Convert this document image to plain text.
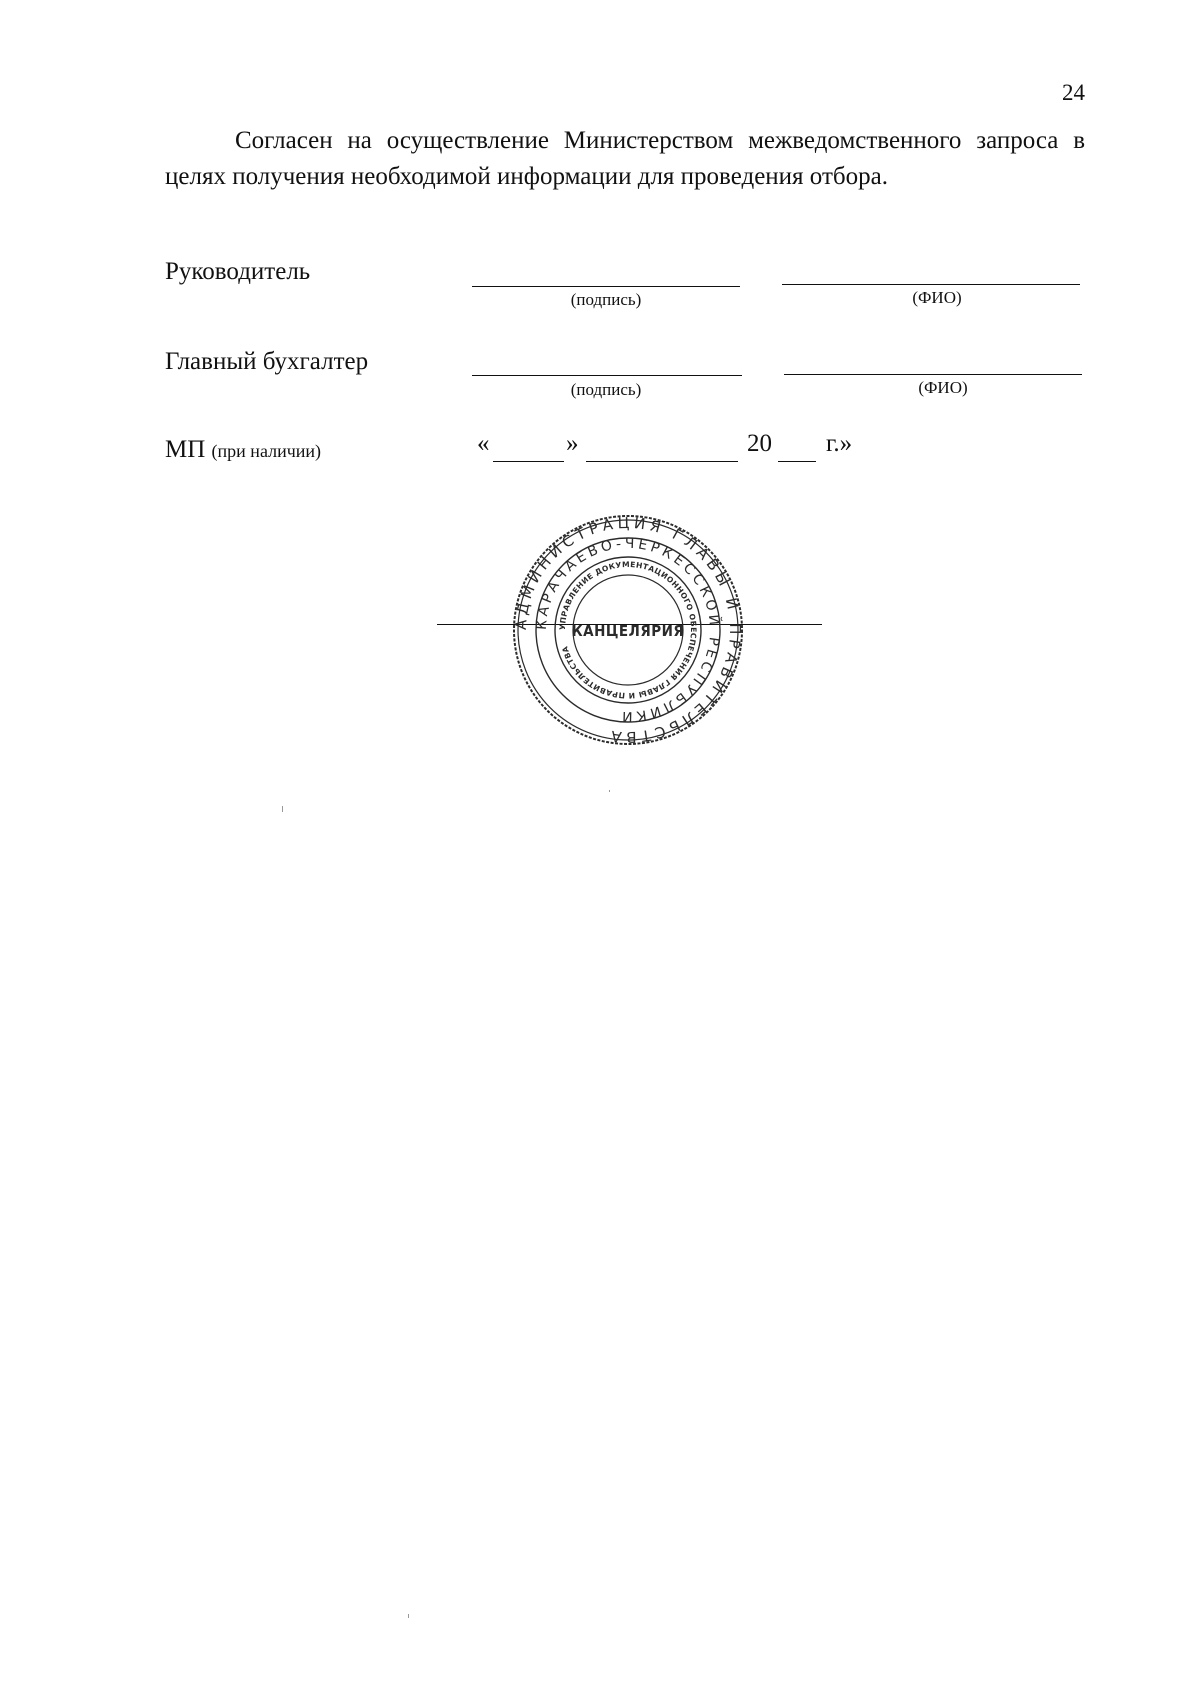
24
Согласен на осуществление Министерством межведомственного запроса в целях получения необходимой информации для проведения отбора.
Руководитель
(подпись)	(ФИО)
Главный бухгалтер
(подпись)	(ФИО)
МП (при наличии)	«	»	20 г.»
АДМИНИСТРАЦИЯ ГЛАВЫ И ПРАВИТЕЛЬСТВА
КАРАЧАЕВО-ЧЕРКЕССКОЙ РЕСПУБЛИКИ
УПРАВЛЕНИЕ ДОКУМЕНТАЦИОННОГО ОБЕСПЕЧЕНИЯ ГЛАВЫ И ПРАВИТЕЛЬСТВА
КАНЦЕЛЯРИЯ
